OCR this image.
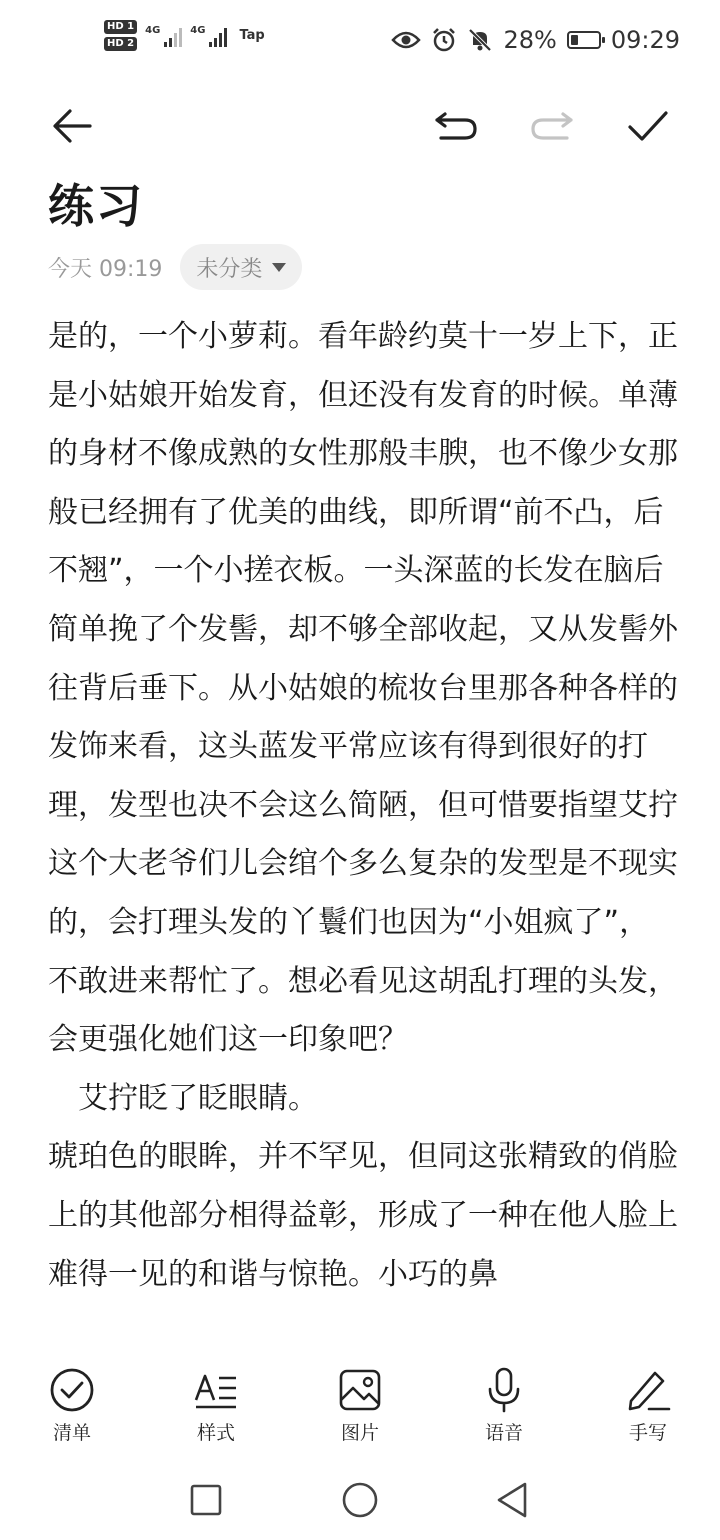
HD 1
HD 2
4G	4G	Tap	28% 09:29
练习
今天 09:19 未分类

是的，一个小萝莉。看年龄约莫十一岁上下，正是小姑娘开始发育，但还没有发育的时候。单薄的身材不像成熟的女性那般丰腴，也不像少女那般已经拥有了优美的曲线，即所谓“前不凸，后不翘”，一个小搓衣板。一头深蓝的长发在脑后简单挽了个发髻，却不够全部收起，又从发髻外往背后垂下。从小姑娘的梳妆台里那各种各样的发饰来看，这头蓝发平常应该有得到很好的打理，发型也决不会这么简陋，但可惜要指望艾拧这个大老爷们儿会绾个多么复杂的发型是不现实的，会打理头发的丫鬟们也因为“小姐疯了”，不敢进来帮忙了。想必看见这胡乱打理的头发，会更强化她们这一印象吧？

　艾拧眨了眨眼睛。

琥珀色的眼眸，并不罕见，但同这张精致的俏脸上的其他部分相得益彰，形成了一种在他人脸上难得一见的和谐与惊艳。小巧的鼻

清单	样式	图片	语音	手写
